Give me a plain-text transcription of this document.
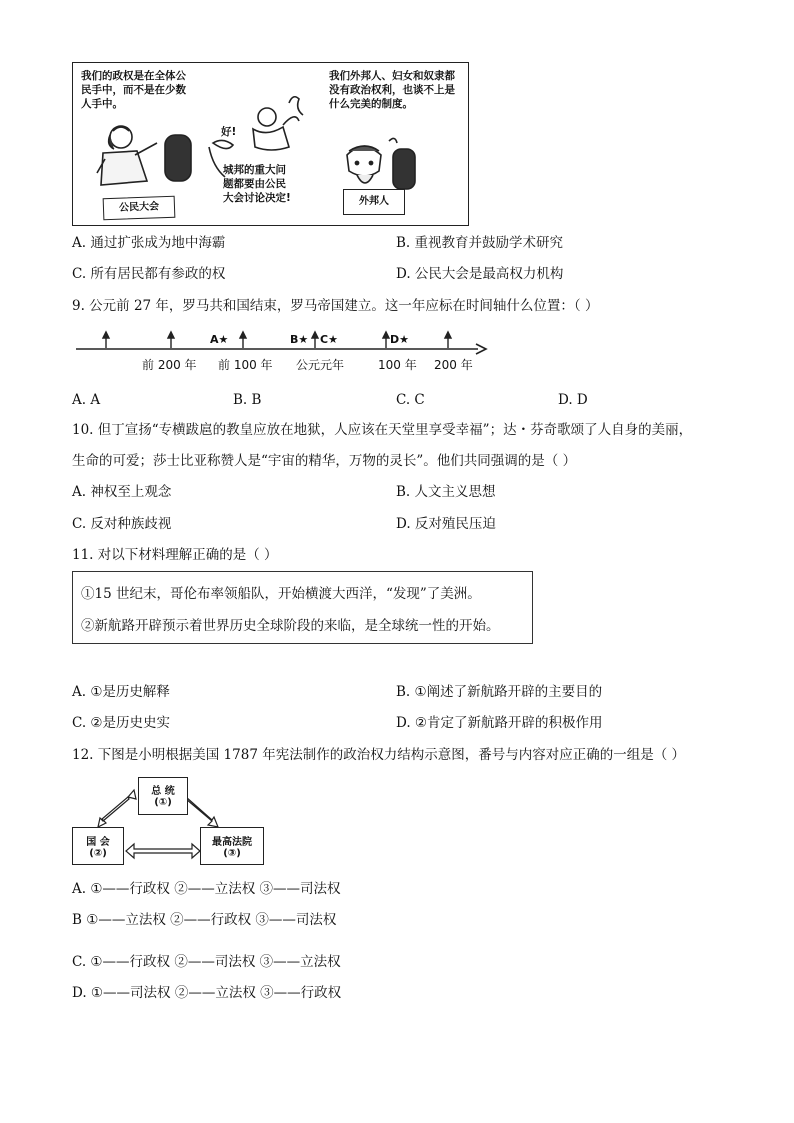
我们的政权是在全体公
民手中，而不是在少数
人手中。
好!
城邦的重大问
题都要由公民
大会讨论决定!
我们外邦人、妇女和奴隶都
没有政治权利，也谈不上是
什么完美的制度。
公民大会	外邦人
A. 通过扩张成为地中海霸	B. 重视教育并鼓励学术研究
C. 所有居民都有参政的权	D. 公民大会是最高权力机构
9. 公元前 27 年，罗马共和国结束，罗马帝国建立。这一年应标在时间轴什么位置：（ ）
A★	B★ C★	D★
前 200 年 前 100 年 公元元年	100 年 200 年
A. A	B. B	C. C	D. D
10. 但丁宣扬“专横跋扈的教皇应放在地狱，人应该在天堂里享受幸福”；达・芬奇歌颂了人自身的美丽，
生命的可爱；莎士比亚称赞人是“宇宙的精华，万物的灵长”。他们共同强调的是（ ）
A. 神权至上观念	B. 人文主义思想
C. 反对种族歧视	D. 反对殖民压迫
11. 对以下材料理解正确的是（ ）
①15 世纪末，哥伦布率领船队，开始横渡大西洋，“发现”了美洲。
②新航路开辟预示着世界历史全球阶段的来临，是全球统一性的开始。
A. ①是历史解释	B. ①阐述了新航路开辟的主要目的
C. ②是历史史实	D. ②肯定了新航路开辟的积极作用
12. 下图是小明根据美国 1787 年宪法制作的政治权力结构示意图，番号与内容对应正确的一组是（ ）
总 统
(①)
国 会
(②)
最高法院
(③)
A. ①——行政权 ②——立法权 ③——司法权
B ①——立法权 ②——行政权 ③——司法权
C. ①——行政权 ②——司法权 ③——立法权
D. ①——司法权 ②——立法权 ③——行政权
